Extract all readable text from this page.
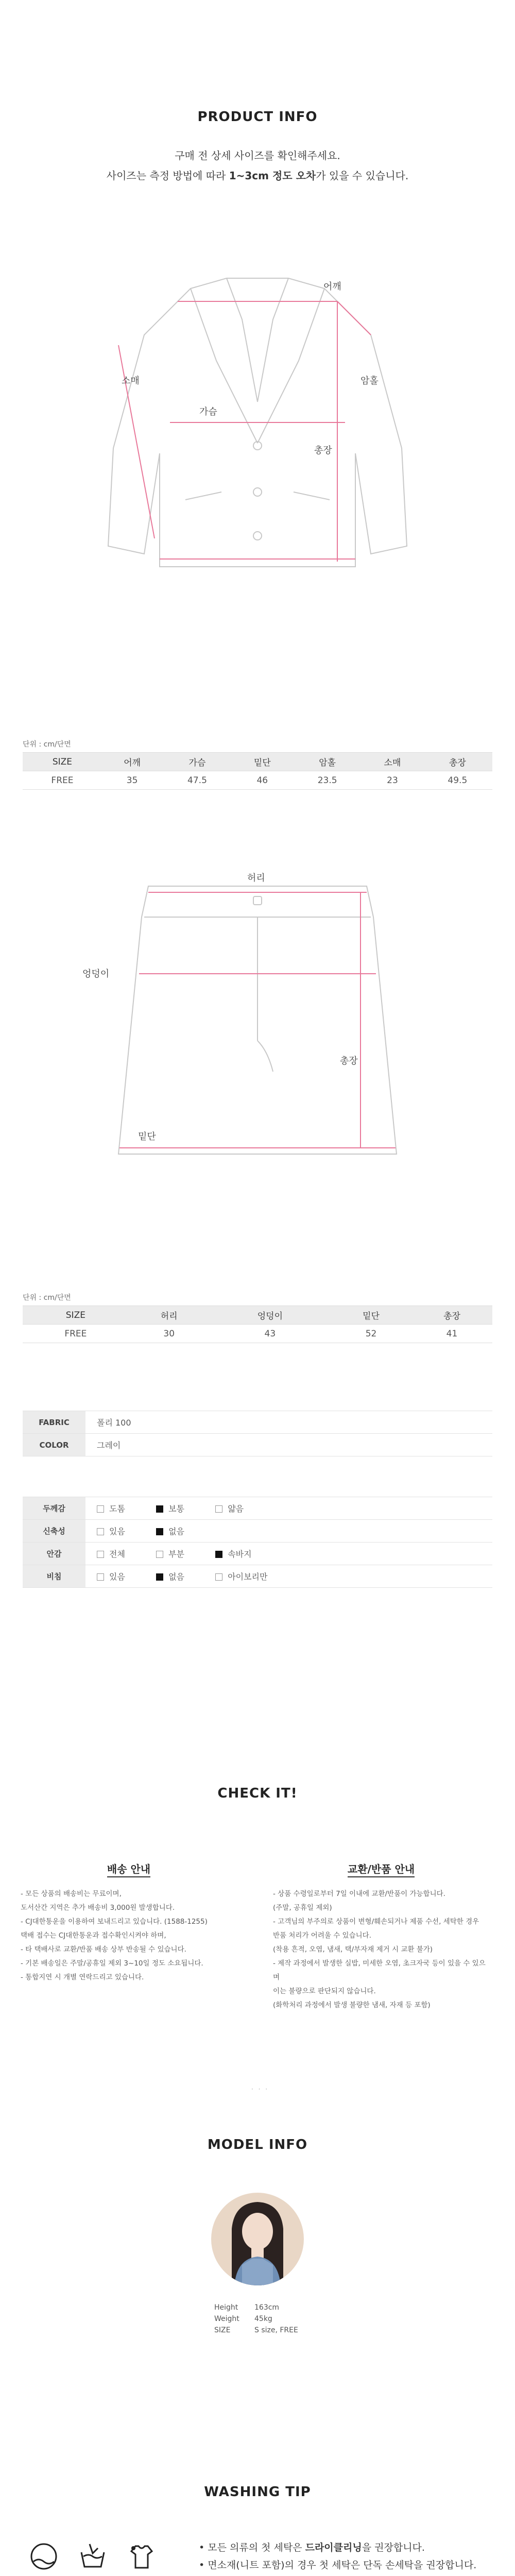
PRODUCT INFO
구매 전 상세 사이즈를 확인해주세요.
사이즈는 측정 방법에 따라 1~3cm 정도 오차가 있을 수 있습니다.
어깨
소매
가슴
암홀
총장
단위 : cm/단면
SIZE	어깨	가슴	밑단	암홀	소매	총장
FREE	35	47.5	46	23.5	23	49.5
허리
엉덩이
총장
밑단
단위 : cm/단면
SIZE	허리	엉덩이	밑단	총장
FREE	30	43	52	41
FABRIC	폴리 100
COLOR	그레이
두께감	도톰 보통 얇음
신축성	있음 없음
안감	전체 부분 속바지
비침	있음 없음 아이보리만
CHECK IT!
배송 안내

- 모든 상품의 배송비는 무료이며,

도서산간 지역은 추가 배송비 3,000원 발생합니다.

- CJ대한통운을 이용하여 보내드리고 있습니다. (1588-1255)

택배 접수는 CJ대한통운과 접수확인시켜야 하며,

- 타 택배사로 교환/반품 배송 상부 반송될 수 있습니다.

- 기본 배송일은 주말/공휴일 제외 3~10일 정도 소요됩니다.

- 통합지연 시 개별 연락드리고 있습니다.

교환/반품 안내

- 상품 수령일로부터 7일 이내에 교환/반품이 가능합니다.

(주말, 공휴일 제외)

- 고객님의 부주의로 상품이 변형/훼손되거나 제품 수선, 세탁한 경우

반품 처리가 어려울 수 있습니다.

(착용 흔적, 오염, 냄새, 택/부자재 제거 시 교환 불가)

- 제작 과정에서 발생한 실밥, 미세한 오염, 초크자국 등이 있을 수 있으며

이는 불량으로 판단되지 않습니다.

(화학처리 과정에서 발생 불량한 냄새, 자재 등 포함)

· · ·
MODEL INFO
Height 163cm
Weight 45kg
SIZE	S size, FREE
WASHING TIP

• 모든 의류의 첫 세탁은 드라이클리닝을 권장합니다.

• 면소재(니트 포함)의 경우 첫 세탁은 단독 손세탁을 권장합니다.
